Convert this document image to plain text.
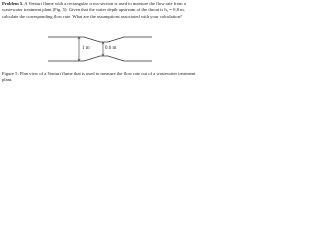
Problem 5. A Venturi flume with a rectangular cross-section is used to measure the flow rate from a wastewater treatment plant (Fig. 5). Given that the water depth upstream of the throat is h₁ = 0.8 m, calculate the corresponding flow rate. What are the assumptions associated with your calculation?
1 m	0.6 m
Figure 5: Plan view of a Venturi flume that is used to measure the flow rate out of a wastewater treatment plant.
